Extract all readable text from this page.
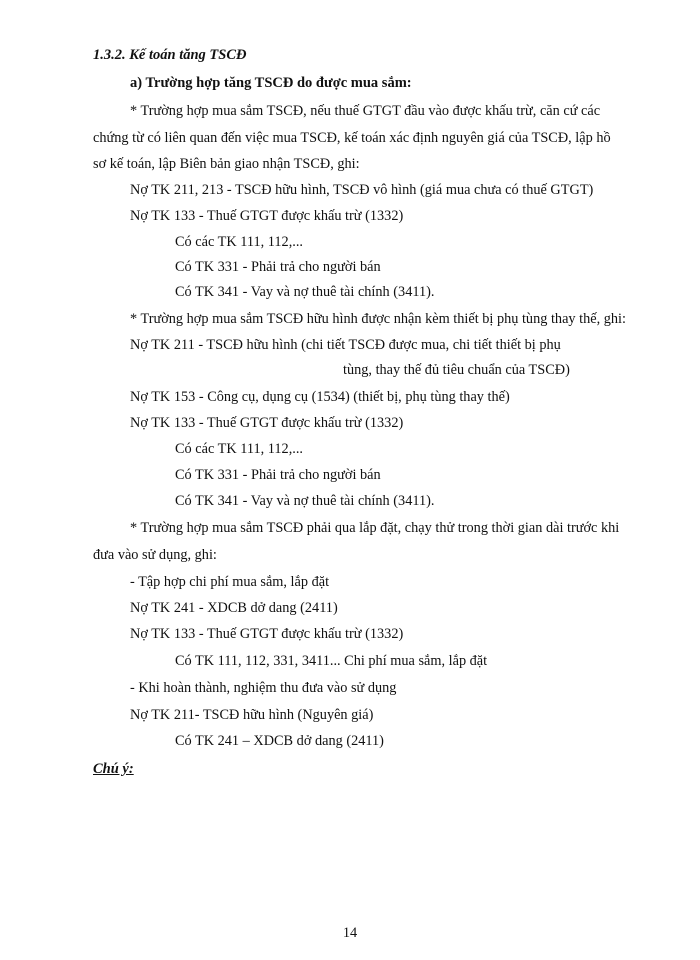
1.3.2. Kế toán tăng TSCĐ
a) Trường hợp tăng TSCĐ do được mua sắm:
* Trường hợp mua sắm TSCĐ, nếu thuế GTGT đầu vào được khấu trừ, căn cứ các
chứng từ có liên quan đến việc mua TSCĐ, kế toán xác định nguyên giá của TSCĐ, lập hồ
sơ kế toán, lập Biên bản giao nhận TSCĐ, ghi:
Nợ TK 211, 213 - TSCĐ hữu hình, TSCĐ vô hình (giá mua chưa có thuế GTGT)
Nợ TK 133 - Thuế GTGT được khấu trừ (1332)
Có các TK 111, 112,...
Có TK 331 - Phải trả cho người bán
Có TK 341 - Vay và nợ thuê tài chính (3411).
* Trường hợp mua sắm TSCĐ hữu hình được nhận kèm thiết bị phụ tùng thay thế, ghi:
Nợ TK 211 - TSCĐ hữu hình (chi tiết TSCĐ được mua, chi tiết thiết bị phụ
tùng, thay thế đủ tiêu chuẩn của TSCĐ)
Nợ TK 153 - Công cụ, dụng cụ (1534) (thiết bị, phụ tùng thay thế)
Nợ TK 133 - Thuế GTGT được khấu trừ (1332)
Có các TK 111, 112,...
Có TK 331 - Phải trả cho người bán
Có TK 341 - Vay và nợ thuê tài chính (3411).
* Trường hợp mua sắm TSCĐ phải qua lắp đặt, chạy thử trong thời gian dài trước khi
đưa vào sử dụng, ghi:
- Tập hợp chi phí mua sắm, lắp đặt
Nợ TK 241 - XDCB dở dang (2411)
Nợ TK 133 - Thuế GTGT được khấu trừ (1332)
Có TK 111, 112, 331, 3411... Chi phí mua sắm, lắp đặt
- Khi hoàn thành, nghiệm thu đưa vào sử dụng
Nợ TK 211- TSCĐ hữu hình (Nguyên giá)
Có TK 241 – XDCB dở dang (2411)
Chú ý:
14
